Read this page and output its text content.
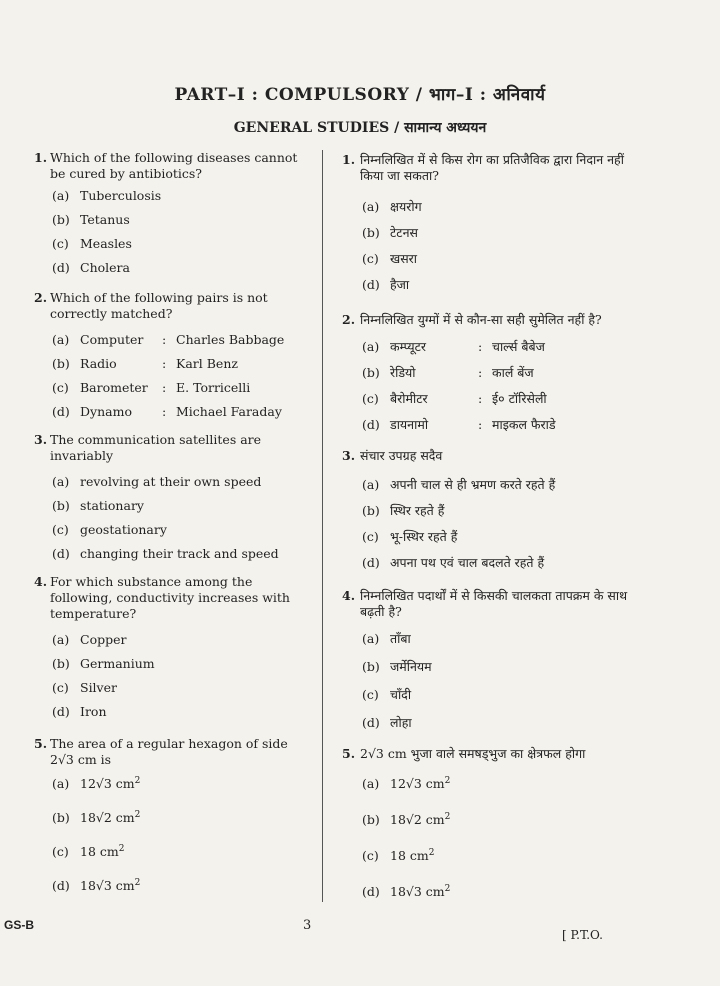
PART–I : COMPULSORY / भाग–I : अनिवार्य
GENERAL STUDIES / सामान्य अध्ययन
1. Which of the following diseases cannot be cured by antibiotics?
(a) Tuberculosis
(b) Tetanus
(c) Measles
(d) Cholera
2. Which of the following pairs is not correctly matched?
(a) Computer : Charles Babbage
(b) Radio	: Karl Benz
(c) Barometer : E. Torricelli
(d) Dynamo : Michael Faraday
3. The communication satellites are invariably
(a) revolving at their own speed
(b) stationary
(c) geostationary
(d) changing their track and speed
4. For which substance among the following, conductivity increases with temperature?
(a) Copper
(b) Germanium
(c) Silver
(d) Iron
5. The area of a regular hexagon of side 2√3 cm is
(a) 12√3 $cm^2$
(b) 18√2 $cm^2$
(c) 18 $cm^2$
(d) 18√3 $cm^2$
1. निम्नलिखित में से किस रोग का प्रतिजैविक द्वारा निदान नहीं किया जा सकता?
(a) क्षयरोग
(b) टेटनस
(c) खसरा
(d) हैजा
2. निम्नलिखित युग्मों में से कौन-सा सही सुमेलित नहीं है?
(a) कम्प्यूटर	: चार्ल्स बैबेज
(b) रेडियो	: कार्ल बेंज
(c) बैरोमीटर	: ई० टॉरिसेली
(d) डायनामो	: माइकल फैराडे
3. संचार उपग्रह सदैव
(a) अपनी चाल से ही भ्रमण करते रहते हैं
(b) स्थिर रहते हैं
(c) भू-स्थिर रहते हैं
(d) अपना पथ एवं चाल बदलते रहते हैं
4. निम्नलिखित पदार्थों में से किसकी चालकता तापक्रम के साथ बढ़ती है?
(a) ताँबा
(b) जर्मेनियम
(c) चाँदी
(d) लोहा
5. 2√3 cm भुजा वाले समषड्भुज का क्षेत्रफल होगा
(a) 12√3 $cm^2$
(b) 18√2 $cm^2$
(c) 18 $cm^2$
(d) 18√3 $cm^2$
GS-B	3
[ P.T.O.
